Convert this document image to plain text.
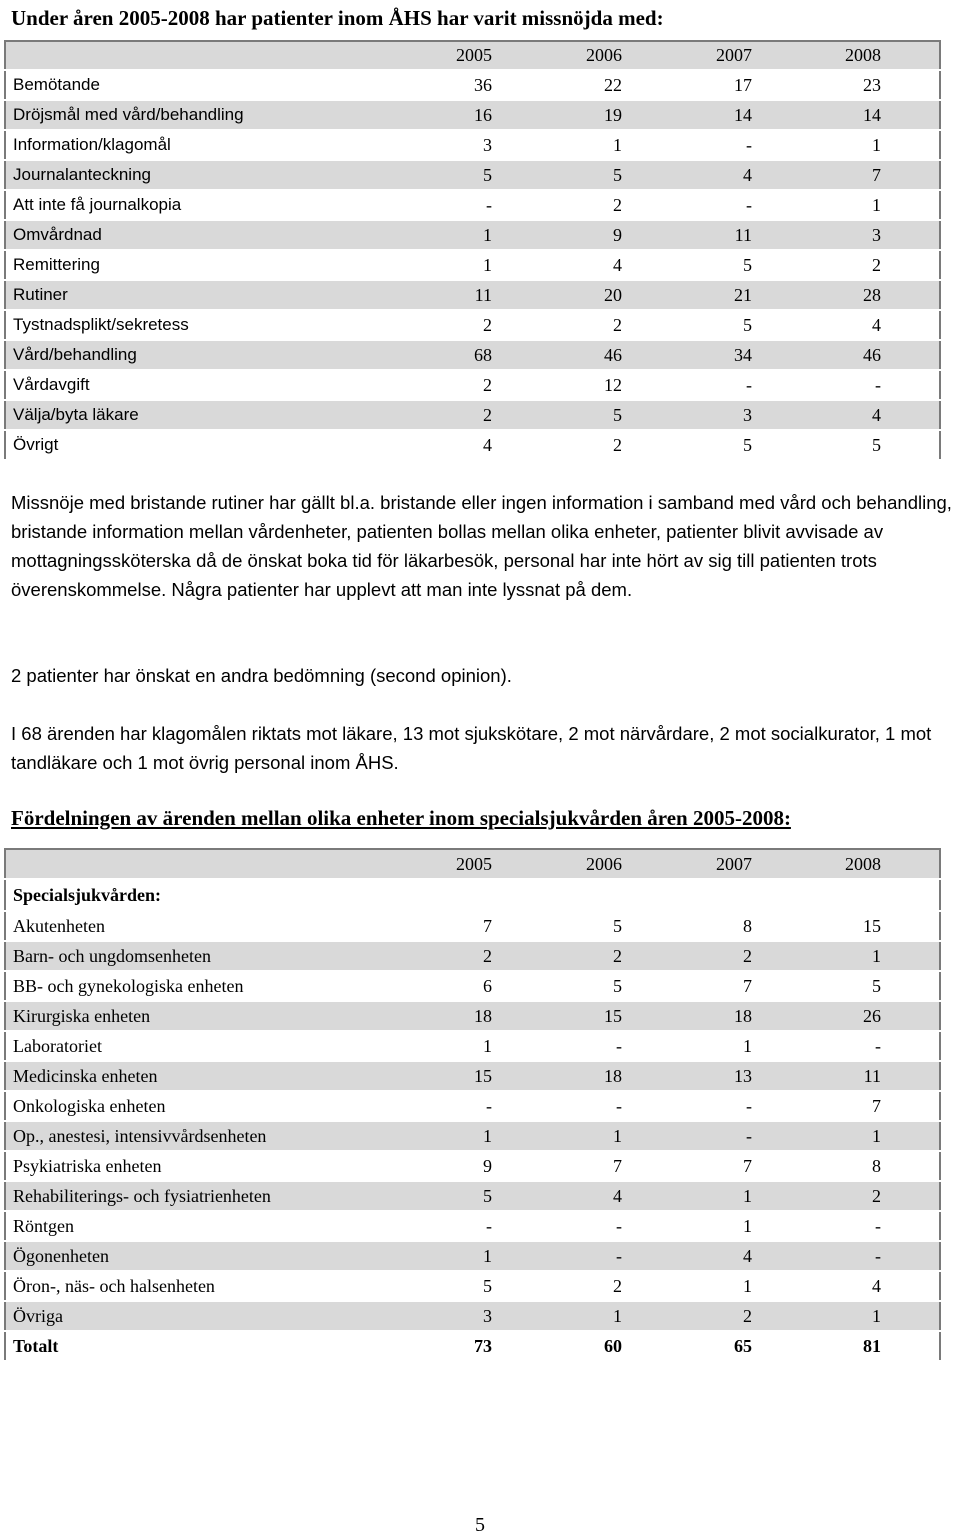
Under åren 2005-2008 har patienter inom ÅHS har varit missnöjda med:
	2005	2006	2007	2008
Bemötande	36	22	17	23
Dröjsmål med vård/behandling	16	19	14	14
Information/klagomål	3	1	-	1
Journalanteckning	5	5	4	7
Att inte få journalkopia	-	2	-	1
Omvårdnad	1	9	11	3
Remittering	1	4	5	2
Rutiner	11	20	21	28
Tystnadsplikt/sekretess	2	2	5	4
Vård/behandling	68	46	34	46
Vårdavgift	2	12	-	-
Välja/byta läkare	2	5	3	4
Övrigt	4	2	5	5

Missnöje med bristande rutiner har gällt bl.a. bristande eller ingen information i samband med vård och behandling, bristande information mellan vårdenheter, patienten bollas mellan olika enheter, patienter blivit avvisade av mottagningssköterska då de önskat boka tid för läkarbesök, personal har inte hört av sig till patienten trots överenskommelse. Några patienter har upplevt att man inte lyssnat på dem.

2 patienter har önskat en andra bedömning (second opinion).

I 68 ärenden har klagomålen riktats mot läkare, 13 mot sjukskötare, 2 mot närvårdare, 2 mot socialkurator, 1 mot tandläkare och 1 mot övrig personal inom ÅHS.

Fördelningen av ärenden mellan olika enheter inom specialsjukvården åren 2005-2008:
	2005	2006	2007	2008
Specialsjukvården:				
Akutenheten	7	5	8	15
Barn- och ungdomsenheten	2	2	2	1
BB- och gynekologiska enheten	6	5	7	5
Kirurgiska enheten	18	15	18	26
Laboratoriet	1	-	1	-
Medicinska enheten	15	18	13	11
Onkologiska enheten	-	-	-	7
Op., anestesi, intensivvårdsenheten	1	1	-	1
Psykiatriska enheten	9	7	7	8
Rehabiliterings- och fysiatrienheten	5	4	1	2
Röntgen	-	-	1	-
Ögonenheten	1	-	4	-
Öron-, näs- och halsenheten	5	2	1	4
Övriga	3	1	2	1
Totalt	73	60	65	81
5
